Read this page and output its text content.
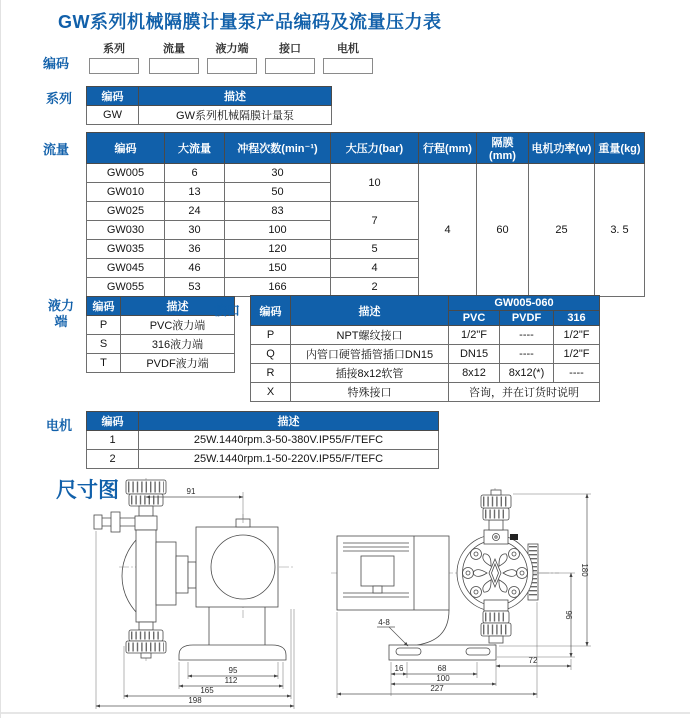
GW系列机械隔膜计量泵产品编码及流量压力表
编码
系列	流量	液力端	接口	电机
系列	编码	描述
GW	GW系列机械隔膜计量泵
流量	编码	大流量	冲程次数(min⁻¹)	大压力(bar)	行程(mm)	隔膜(mm)	电机功率(w)	重量(kg)
GW005	6	30	10	4	60	25	3. 5
GW010	13	50					
GW025	24	83	7				
GW030	30	100					
GW035	36	120	5				
GW045	46	150	4				
GW055	53	166	2				
液力端
编码	描述
P	PVC液力端
S	316液力端
T	PVDF液力端
接口 编码	描述	GW005-060		
		PVC	PVDF	316
P	NPT螺纹接口	1/2"F	----	1/2"F
Q	内管口硬管插管插口DN15	DN15	----	1/2"F
R	插接8x12软管	8x12	8x12(*)	----
X	特殊接口	咨询，并在订货时说明		
电机	编码	描述
1	25W.1440rpm.3-50-380V.IP55/F/TEFC
2	25W.1440rpm.1-50-220V.IP55/F/TEFC
尺寸图	91
95
112
165
198
180
96
72
16	68
100
227
4-8
